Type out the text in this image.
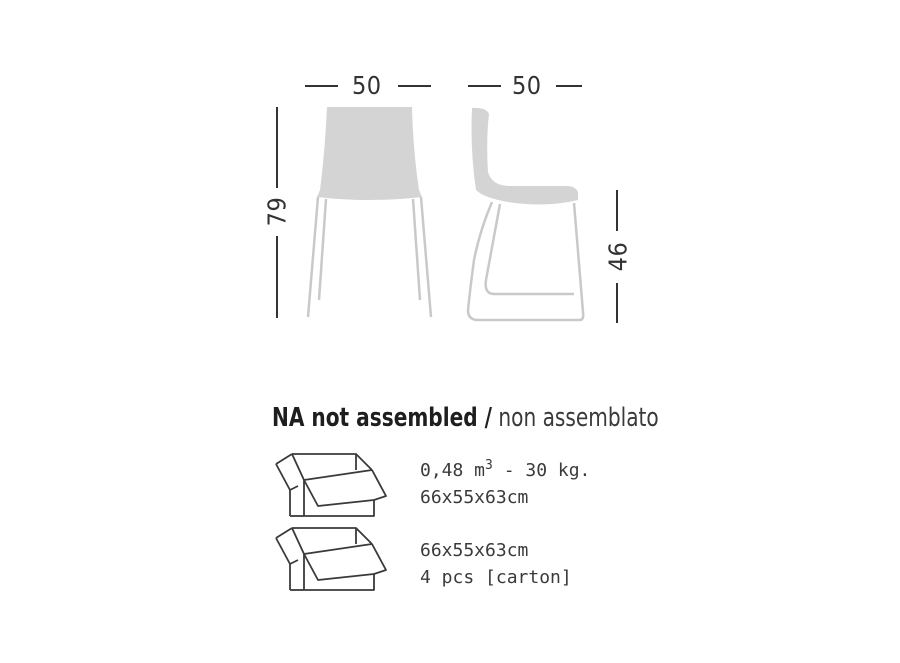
50	50
79
46
NA not assembled / non assemblato
0,48 $m^3 - 30$ kg.
66x55x63cm
66x55x63cm
4 pcs [carton]
